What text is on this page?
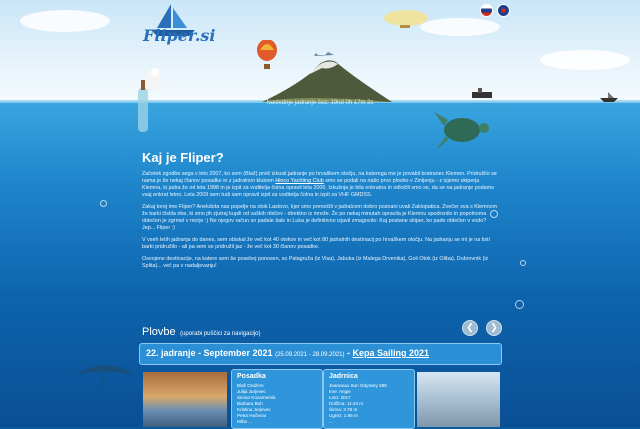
Fliper.si
Naslednje jadranje čez: 19nd 0h 17m 2s
Kaj je Fliper?

Začetek zgodbe sega v leto 2007, ko sem (Blaž) prvič izkusil jadranje po hrvaškem otočju, na katerega me je povabil bratranec Klemen. Pridružilo se nama je še nekaj članov posadke in z jadralnim klubom Hinco Yachting Club smo se podali na našo prvo plovbo v Zmijenju - z izjemo skiperja Klemna, ki jadra že od leta 1998 in je izpit za voditelja čolna opravil leta 2000. Izkušnja je bila enkratna in odločili smo se, da se na jadranje podamo vsaj enkrat letno. Leta 2009 sem tudi sam opravil izpit za voditelja čolna in izpit za VHF GMDSS.

Zakaj torej ime Fliper? Anekdota nas popelje na otok Lastovo, kjer smo prenočili v jadralcem dobro poznani uvali Zaklopatica. Zvečer sva s Klemnom že barki čistila ribe, ki smo jih zjutraj kupili od vaških ribičev - direktno iz mreže. Že po nekaj minutah opravila je Klemnu spodrsnilo in popolnoma oblečen je zgrmel v morje :) Ne njegov račun so padale šale in Luka je definitivno izjavil zmagovito: Kaj postane skiper, ko pade oblečen v vodo? Jep... Fliper :)

V vseh letih jadranja do danes, sem obiskal že več kot 40 otokov in več kot 80 jadralnih destinacij po hrvaškem otočju. Na jadranju se mi je na tisti barki pridružilo - ali pa sem se pridružil jaz - že več kot 30 članov posadke.

Osvojene destinacije, na katere sem še posebej ponosen, so Palagruža (iz Visa), Jabuka (iz Malega Drvenika), Goli Otok (iz Oliba), Dubrovnik (iz Splita)... več pa v nadaljevanju!

Plovbe (uporabi puščici za navigacijo)
❮	❯
22. jadranje - September 2021 (25.09.2021 - 28.09.2021) - Kepa Sailing 2021
Posadka
Blaž Oražem
Julija Jurjevec
Simon Kozamernik
Barbara Buh
Kristina Jurjevec
Petra Hočevar
Miha ...
Jadrnica
Jeanneau Sun Odyssey 389
Ime: Angie
Leto: 2017
Dolžina: 11.34 m
Širina: 3.76 m
Ugrez: 1.95 m
...
